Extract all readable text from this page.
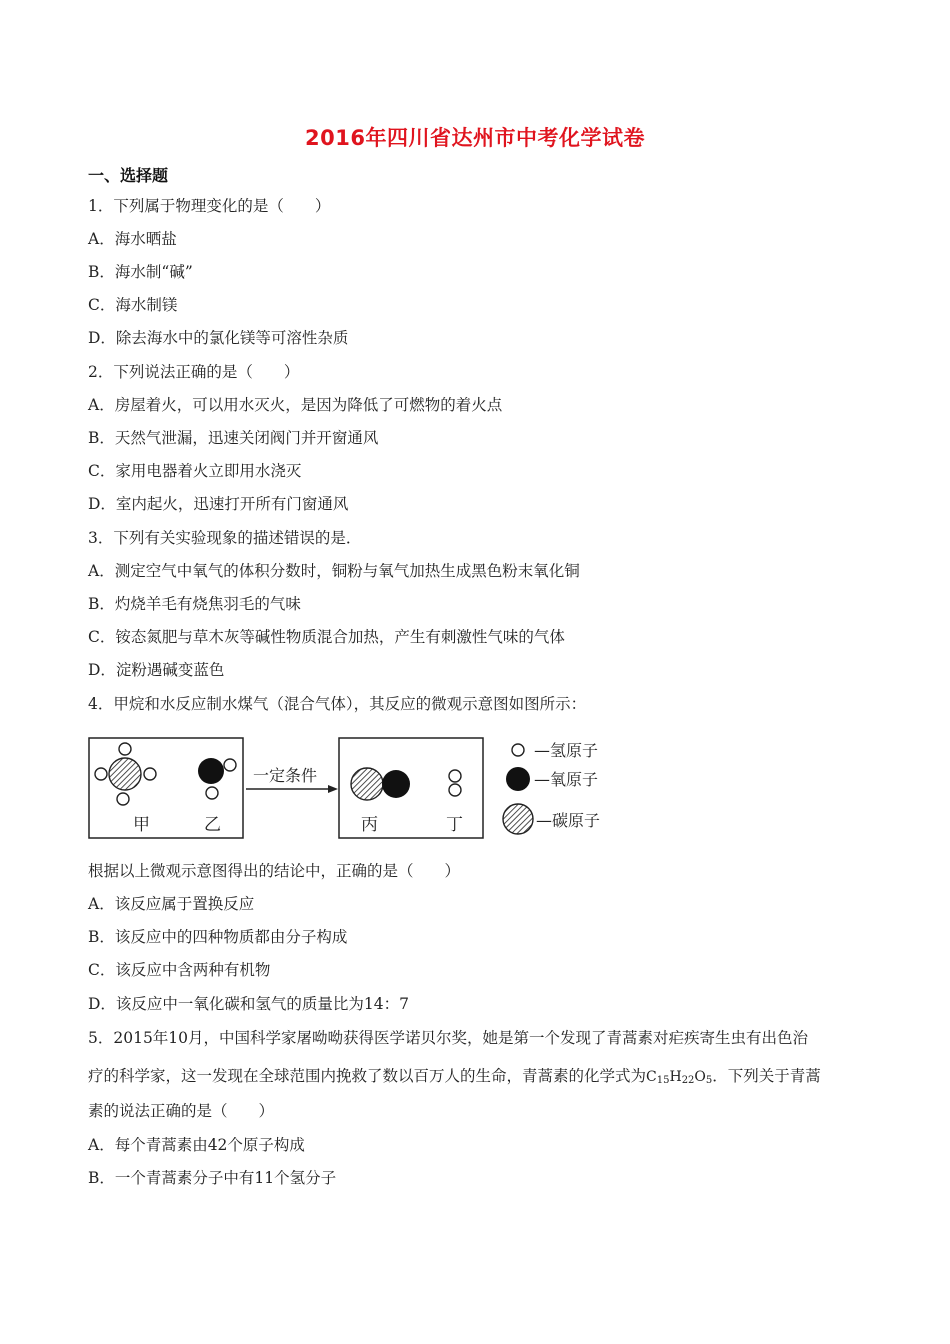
2016年四川省达州市中考化学试卷
一、选择题
1．下列属于物理变化的是（　　）
A．海水晒盐
B．海水制“碱”
C．海水制镁
D．除去海水中的氯化镁等可溶性杂质
2．下列说法正确的是（　　）
A．房屋着火，可以用水灭火，是因为降低了可燃物的着火点
B．天然气泄漏，迅速关闭阀门并开窗通风
C．家用电器着火立即用水浇灭
D．室内起火，迅速打开所有门窗通风
3．下列有关实验现象的描述错误的是．
A．测定空气中氧气的体积分数时，铜粉与氧气加热生成黑色粉末氧化铜
B．灼烧羊毛有烧焦羽毛的气味
C．铵态氮肥与草木灰等碱性物质混合加热，产生有刺激性气味的气体
D．淀粉遇碱变蓝色
4．甲烷和水反应制水煤气（混合气体），其反应的微观示意图如图所示：
甲	乙
一定条件
丙	丁
—氢原子
—氧原子
—碳原子
根据以上微观示意图得出的结论中，正确的是（　　）
A．该反应属于置换反应
B．该反应中的四种物质都由分子构成
C．该反应中含两种有机物
D．该反应中一氧化碳和氢气的质量比为14：7
5．2015年10月，中国科学家屠呦呦获得医学诺贝尔奖，她是第一个发现了青蒿素对疟疾寄生虫有出色治
疗的科学家，这一发现在全球范围内挽救了数以百万人的生命，青蒿素的化学式为$C_{15}H_{22}O_5$．下列关于青蒿
素的说法正确的是（　　）
A．每个青蒿素由42个原子构成
B．一个青蒿素分子中有11个氢分子
